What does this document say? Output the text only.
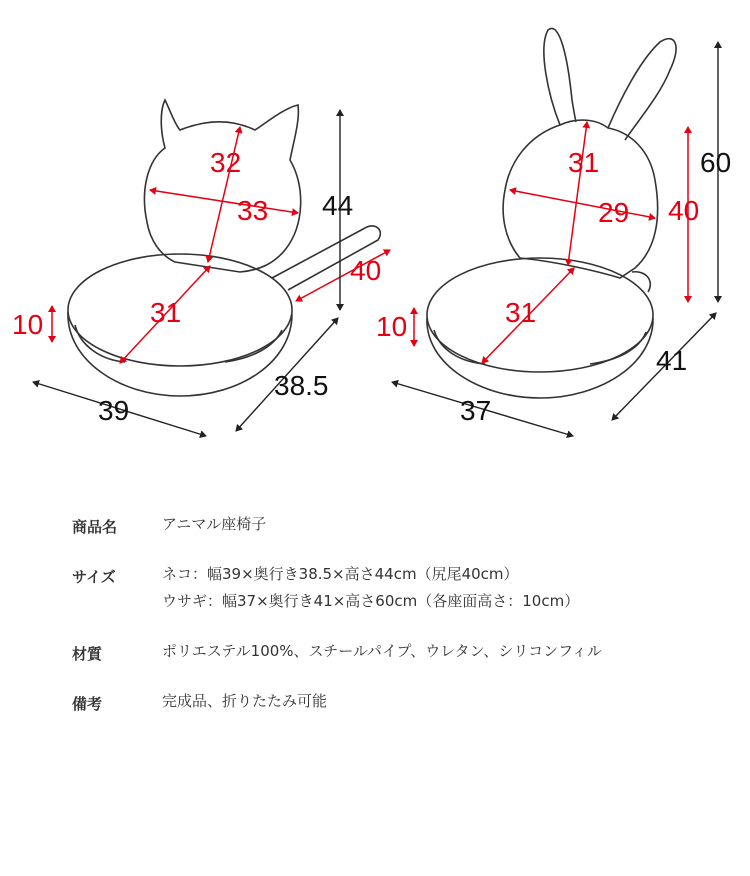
32
33
31
10
40
44
39
38.5
31
29
31
10
40
60
37
41
商品名	アニマル座椅子
サイズ	ネコ：幅39×奥行き38.5×高さ44cm（尻尾40cm）
ウサギ：幅37×奥行き41×高さ60cm（各座面高さ：10cm）
材質	ポリエステル100%、スチールパイプ、ウレタン、シリコンフィル
備考	完成品、折りたたみ可能
